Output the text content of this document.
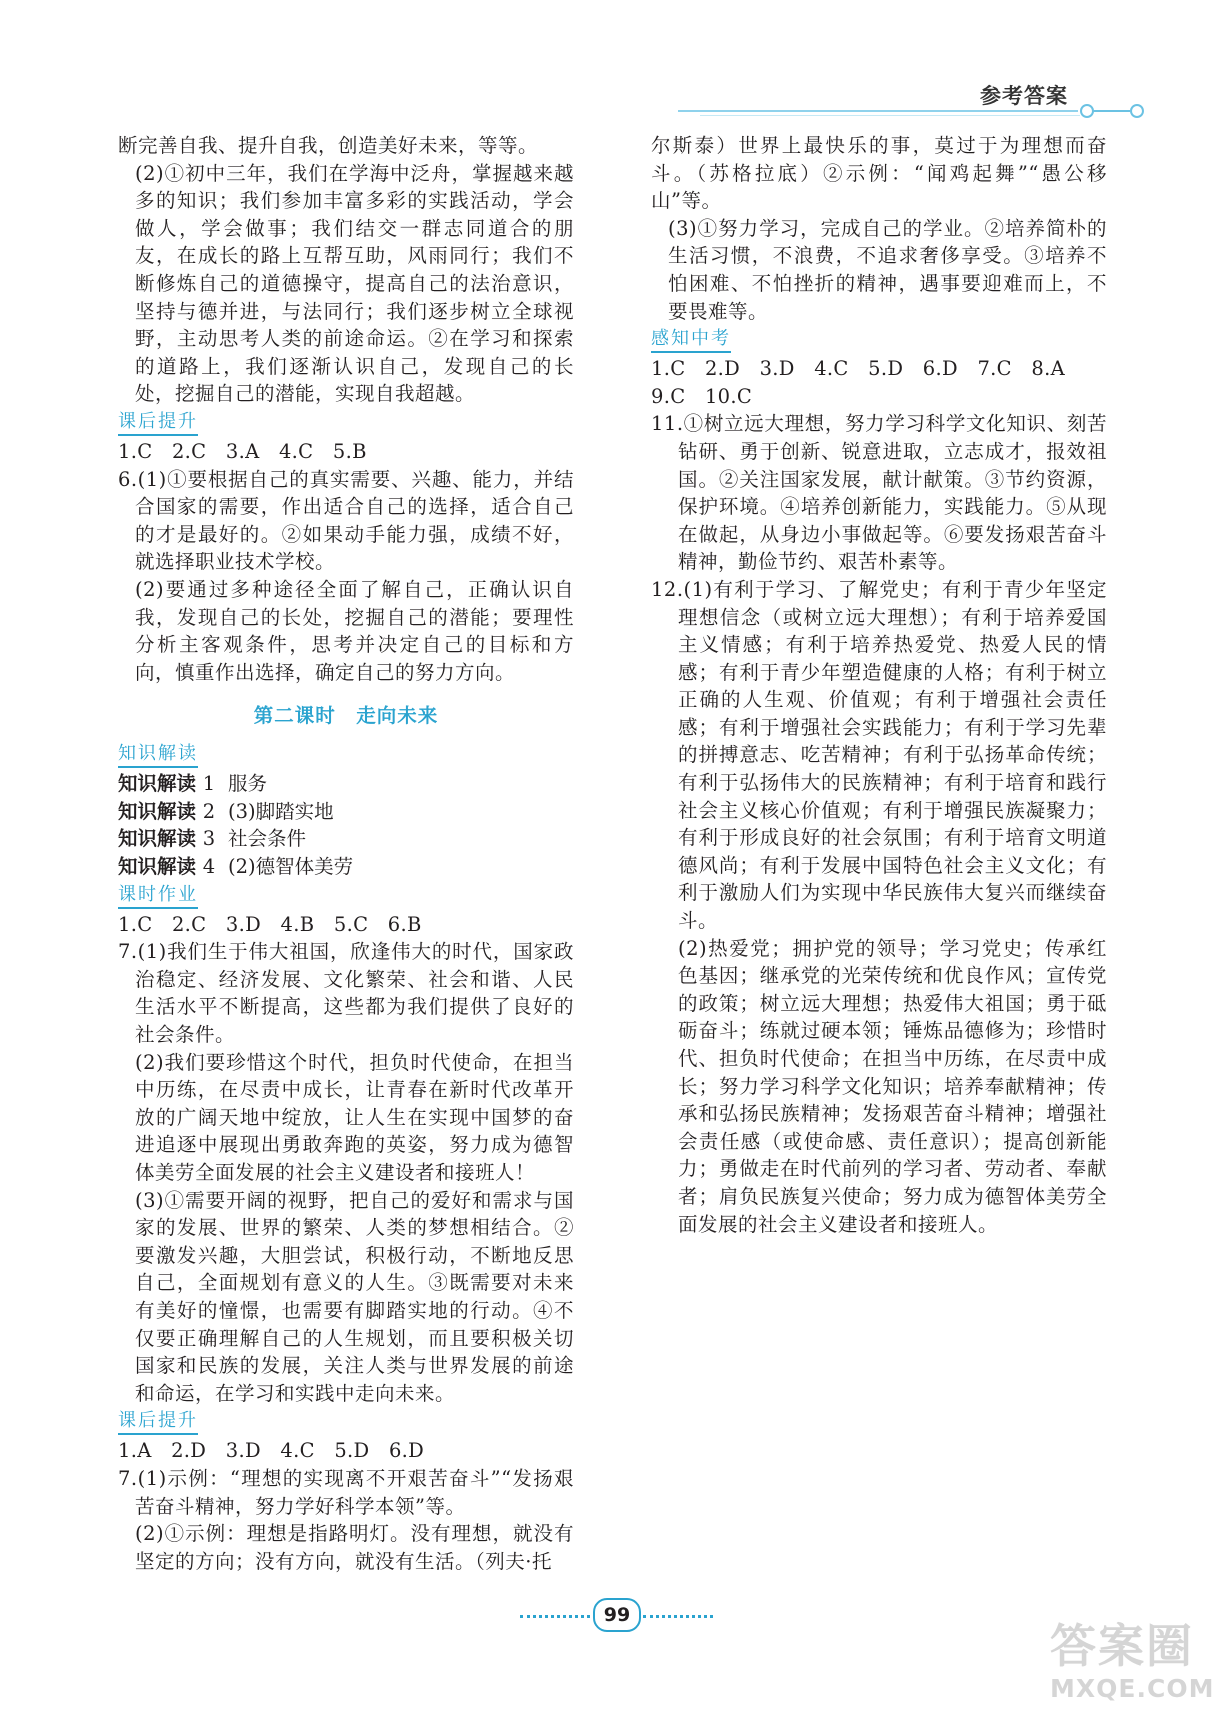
参考答案

断完善自我、提升自我，创造美好未来，等等。

(2)①初中三年，我们在学海中泛舟，掌握越来越多的知识；我们参加丰富多彩的实践活动，学会做人，学会做事；我们结交一群志同道合的朋友，在成长的路上互帮互助，风雨同行；我们不断修炼自己的道德操守，提高自己的法治意识，坚持与德并进，与法同行；我们逐步树立全球视野，主动思考人类的前途命运。②在学习和探索的道路上，我们逐渐认识自己，发现自己的长处，挖掘自己的潜能，实现自我超越。

课后提升
1.C 2.C 3.A 4.C 5.B

6.(1)①要根据自己的真实需要、兴趣、能力，并结合国家的需要，作出适合自己的选择，适合自己的才是最好的。②如果动手能力强，成绩不好，就选择职业技术学校。

(2)要通过多种途径全面了解自己，正确认识自我，发现自己的长处，挖掘自己的潜能；要理性分析主客观条件，思考并决定自己的目标和方向，慎重作出选择，确定自己的努力方向。

第二课时　走向未来
知识解读
知识解读 1 服务
知识解读 2 (3)脚踏实地
知识解读 3 社会条件
知识解读 4 (2)德智体美劳
课时作业
1.C 2.C 3.D 4.B 5.C 6.B

7.(1)我们生于伟大祖国，欣逢伟大的时代，国家政治稳定、经济发展、文化繁荣、社会和谐、人民生活水平不断提高，这些都为我们提供了良好的社会条件。

(2)我们要珍惜这个时代，担负时代使命，在担当中历练，在尽责中成长，让青春在新时代改革开放的广阔天地中绽放，让人生在实现中国梦的奋进追逐中展现出勇敢奔跑的英姿，努力成为德智体美劳全面发展的社会主义建设者和接班人！

(3)①需要开阔的视野，把自己的爱好和需求与国家的发展、世界的繁荣、人类的梦想相结合。②要激发兴趣，大胆尝试，积极行动，不断地反思自己，全面规划有意义的人生。③既需要对未来有美好的憧憬，也需要有脚踏实地的行动。④不仅要正确理解自己的人生规划，而且要积极关切国家和民族的发展，关注人类与世界发展的前途和命运，在学习和实践中走向未来。

课后提升
1.A 2.D 3.D 4.C 5.D 6.D

7.(1)示例：“理想的实现离不开艰苦奋斗”“发扬艰苦奋斗精神，努力学好科学本领”等。

(2)①示例：理想是指路明灯。没有理想，就没有坚定的方向；没有方向，就没有生活。（列夫·托

尔斯泰）世界上最快乐的事，莫过于为理想而奋斗。（苏格拉底）②示例：“闻鸡起舞”“愚公移山”等。

(3)①努力学习，完成自己的学业。②培养简朴的生活习惯，不浪费，不追求奢侈享受。③培养不怕困难、不怕挫折的精神，遇事要迎难而上，不要畏难等。

感知中考
1.C 2.D 3.D 4.C 5.D 6.D 7.C 8.A
9.C 10.C

11.①树立远大理想，努力学习科学文化知识、刻苦钻研、勇于创新、锐意进取，立志成才，报效祖国。②关注国家发展，献计献策。③节约资源，保护环境。④培养创新能力，实践能力。⑤从现在做起，从身边小事做起等。⑥要发扬艰苦奋斗精神，勤俭节约、艰苦朴素等。

12.(1)有利于学习、了解党史；有利于青少年坚定理想信念（或树立远大理想）；有利于培养爱国主义情感；有利于培养热爱党、热爱人民的情感；有利于青少年塑造健康的人格；有利于树立正确的人生观、价值观；有利于增强社会责任感；有利于增强社会实践能力；有利于学习先辈的拼搏意志、吃苦精神；有利于弘扬革命传统；有利于弘扬伟大的民族精神；有利于培育和践行社会主义核心价值观；有利于增强民族凝聚力；有利于形成良好的社会氛围；有利于培育文明道德风尚；有利于发展中国特色社会主义文化；有利于激励人们为实现中华民族伟大复兴而继续奋斗。

(2)热爱党；拥护党的领导；学习党史；传承红色基因；继承党的光荣传统和优良作风；宣传党的政策；树立远大理想；热爱伟大祖国；勇于砥砺奋斗；练就过硬本领；锤炼品德修为；珍惜时代、担负时代使命；在担当中历练，在尽责中成长；努力学习科学文化知识；培养奉献精神；传承和弘扬民族精神；发扬艰苦奋斗精神；增强社会责任感（或使命感、责任意识）；提高创新能力；勇做走在时代前列的学习者、劳动者、奉献者；肩负民族复兴使命；努力成为德智体美劳全面发展的社会主义建设者和接班人。

99
答案圈
MXQE.COM
